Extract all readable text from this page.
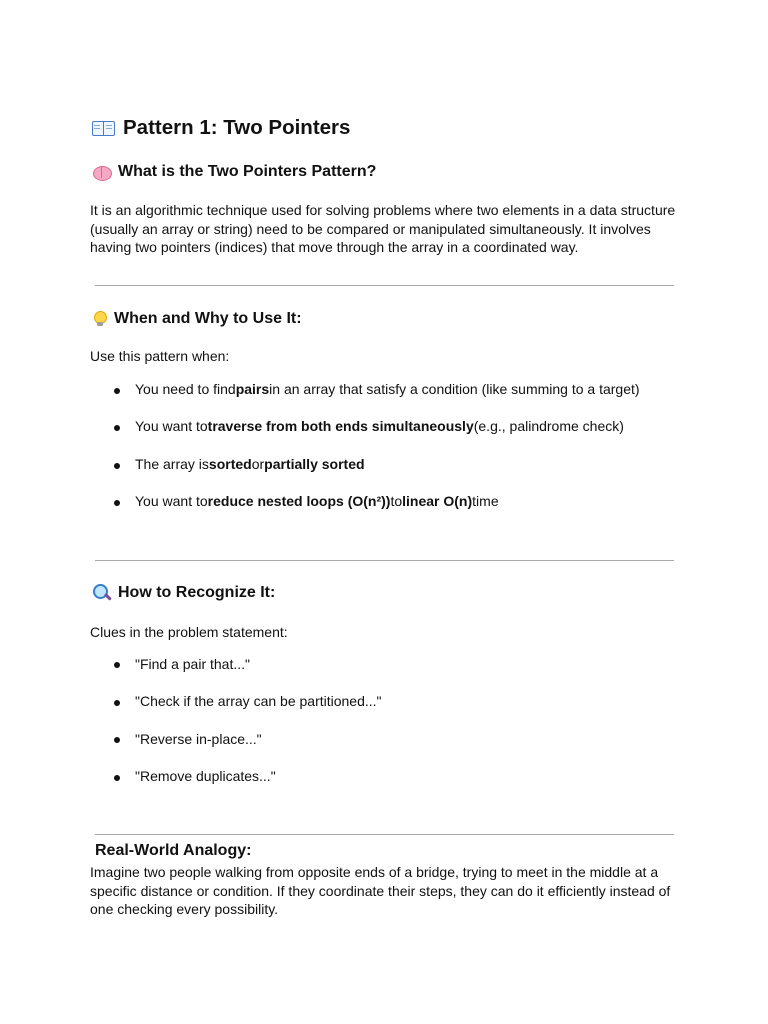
Pattern 1: Two Pointers
What is the Two Pointers Pattern?
It is an algorithmic technique used for solving problems where two elements in a data structure
(usually an array or string) need to be compared or manipulated simultaneously. It involves
having two pointers (indices) that move through the array in a coordinated way.
When and Why to Use It:
Use this pattern when:
You need to find pairs in an array that satisfy a condition (like summing to a target)
You want to traverse from both ends simultaneously (e.g., palindrome check)
The array is sorted or partially sorted
You want to reduce nested loops (O(n²)) to linear O(n) time
How to Recognize It:
Clues in the problem statement:
"Find a pair that..."
"Check if the array can be partitioned..."
"Reverse in-place..."
"Remove duplicates..."
Real-World Analogy:
Imagine two people walking from opposite ends of a bridge, trying to meet in the middle at a
specific distance or condition. If they coordinate their steps, they can do it efficiently instead of
one checking every possibility.
